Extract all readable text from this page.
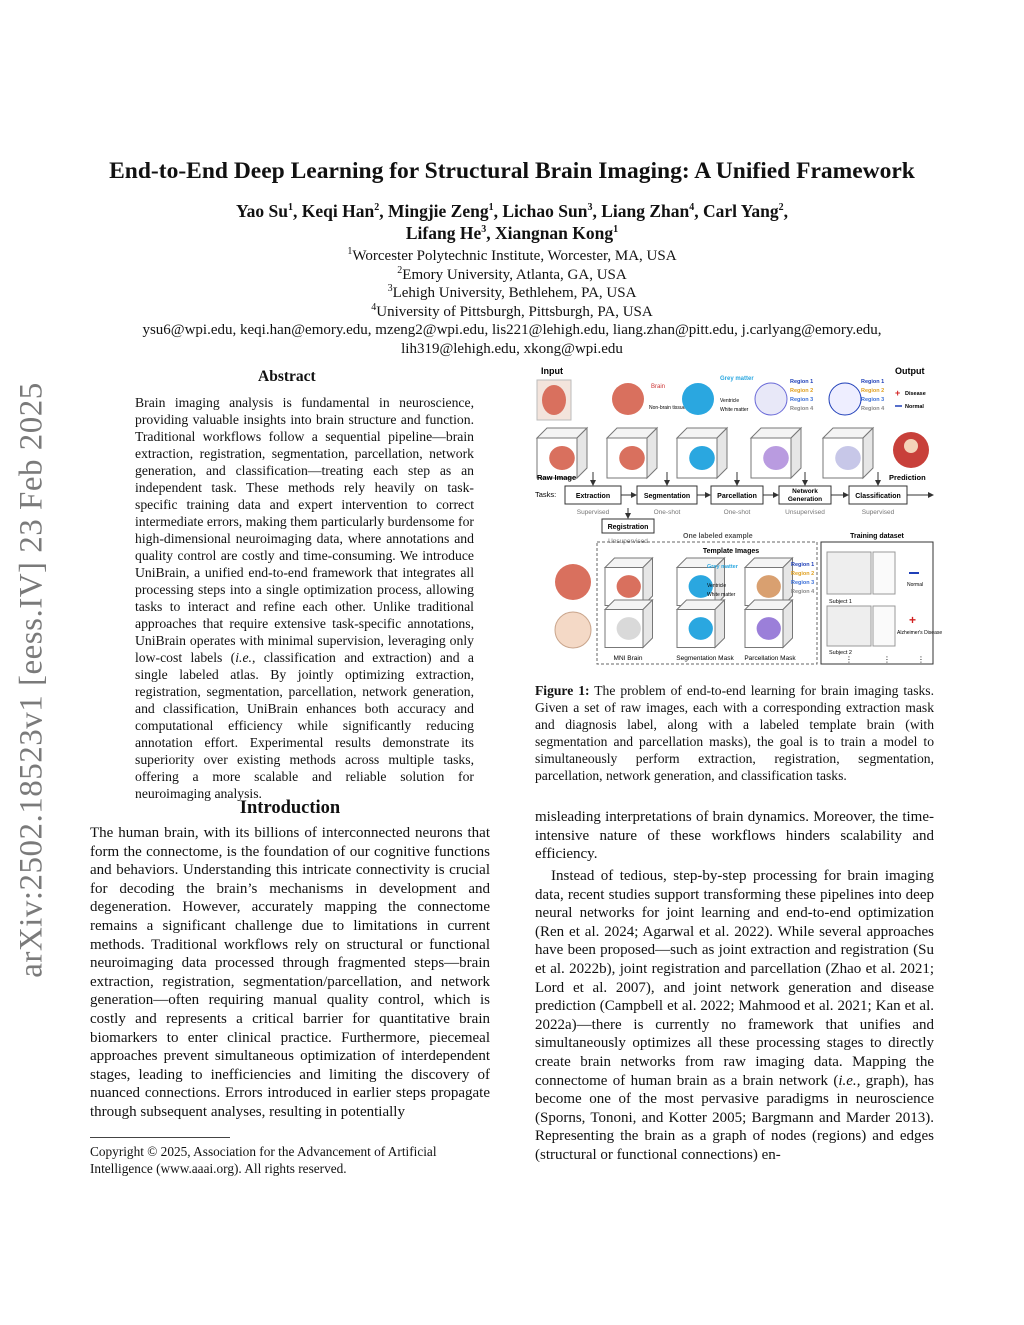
arXiv:2502.18523v1 [eess.IV] 23 Feb 2025
End-to-End Deep Learning for Structural Brain Imaging: A Unified Framework
Yao Su$^1$, Keqi Han$^2$, Mingjie Zeng$^1$, Lichao Sun$^3$, Liang Zhan$^4$, Carl Yang$^2$,
Lifang He$^3$, Xiangnan Kong$^1$
$^1$Worcester Polytechnic Institute, Worcester, MA, USA
$^2$Emory University, Atlanta, GA, USA
$^3$Lehigh University, Bethlehem, PA, USA
$^4$University of Pittsburgh, Pittsburgh, PA, USA
ysu6@wpi.edu, keqi.han@emory.edu, mzeng2@wpi.edu, lis221@lehigh.edu, liang.zhan@pitt.edu, j.carlyang@emory.edu,
lih319@lehigh.edu, xkong@wpi.edu
Abstract
Brain imaging analysis is fundamental in neuroscience, providing valuable insights into brain structure and function. Traditional workflows follow a sequential pipeline—brain extraction, registration, segmentation, parcellation, network generation, and classification—treating each step as an independent task. These methods rely heavily on task-specific training data and expert intervention to correct intermediate errors, making them particularly burdensome for high-dimensional neuroimaging data, where annotations and quality control are costly and time-consuming. We introduce UniBrain, a unified end-to-end framework that integrates all processing steps into a single optimization process, allowing tasks to interact and refine each other. Unlike traditional approaches that require extensive task-specific annotations, UniBrain operates with minimal supervision, leveraging only low-cost labels (i.e., classification and extraction) and a single labeled atlas. By jointly optimizing extraction, registration, segmentation, parcellation, network generation, and classification, UniBrain enhances both accuracy and computational efficiency while significantly reducing annotation effort. Experimental results demonstrate its superiority over existing methods across multiple tasks, offering a more scalable and reliable solution for neuroimaging analysis.
Introduction
The human brain, with its billions of interconnected neurons that form the connectome, is the foundation of our cognitive functions and behaviors. Understanding this intricate connectivity is crucial for decoding the brain’s mechanisms in development and degeneration. However, accurately mapping the connectome remains a significant challenge due to limitations in current methods. Traditional workflows rely on structural or functional neuroimaging data processed through fragmented steps—brain extraction, registration, segmentation/parcellation, and network generation—often requiring manual quality control, which is costly and represents a critical barrier for quantitative brain biomarkers to enter clinical practice. Furthermore, piecemeal approaches prevent simultaneous optimization of interdependent stages, leading to inefficiencies and limiting the discovery of nuanced connections. Errors introduced in earlier steps propagate through subsequent analyses, resulting in potentially
Copyright © 2025, Association for the Advancement of Artificial Intelligence (www.aaai.org). All rights reserved.
Input	Output
Brain
Non-brain tissue
Grey matter
Ventricle
White matter
Region 1
Region 2
Region 3
Region 4
Region 1
Region 2
Region 3
Region 4
+ Disease
Normal
Raw Image	Prediction
Tasks:	Extraction
Supervised
Segmentation
One-shot
Parcellation
One-shot
Network
Generation
Unsupervised
Classification
Supervised
Registration
Unsupervised
One labeled example
Template Images
Grey matter
Ventricle
White matter
Region 1
Region 2
Region 3
Region 4
MNI Brain	Segmentation Mask Parcellation Mask
Training dataset
Subject 1
Normal
Subject 2
+
Alzheimer's Disease
⋮	⋮	⋮
Figure 1: The problem of end-to-end learning for brain imaging tasks. Given a set of raw images, each with a corresponding extraction mask and diagnosis label, along with a labeled template brain (with segmentation and parcellation masks), the goal is to train a model to simultaneously perform extraction, registration, segmentation, parcellation, network generation, and classification tasks.
misleading interpretations of brain dynamics. Moreover, the time-intensive nature of these workflows hinders scalability and efficiency.
Instead of tedious, step-by-step processing for brain imaging data, recent studies support transforming these pipelines into deep neural networks for joint learning and end-to-end optimization (Ren et al. 2024; Agarwal et al. 2022). While several approaches have been proposed—such as joint extraction and registration (Su et al. 2022b), joint registration and parcellation (Zhao et al. 2021; Lord et al. 2007), and joint network generation and disease prediction (Campbell et al. 2022; Mahmood et al. 2021; Kan et al. 2022a)—there is currently no framework that unifies and simultaneously optimizes all these processing stages to directly create brain networks from raw imaging data. Mapping the connectome of human brain as a brain network (i.e., graph), has become one of the most pervasive paradigms in neuroscience (Sporns, Tononi, and Kotter 2005; Bargmann and Marder 2013). Representing the brain as a graph of nodes (regions) and edges (structural or functional connections) en-
